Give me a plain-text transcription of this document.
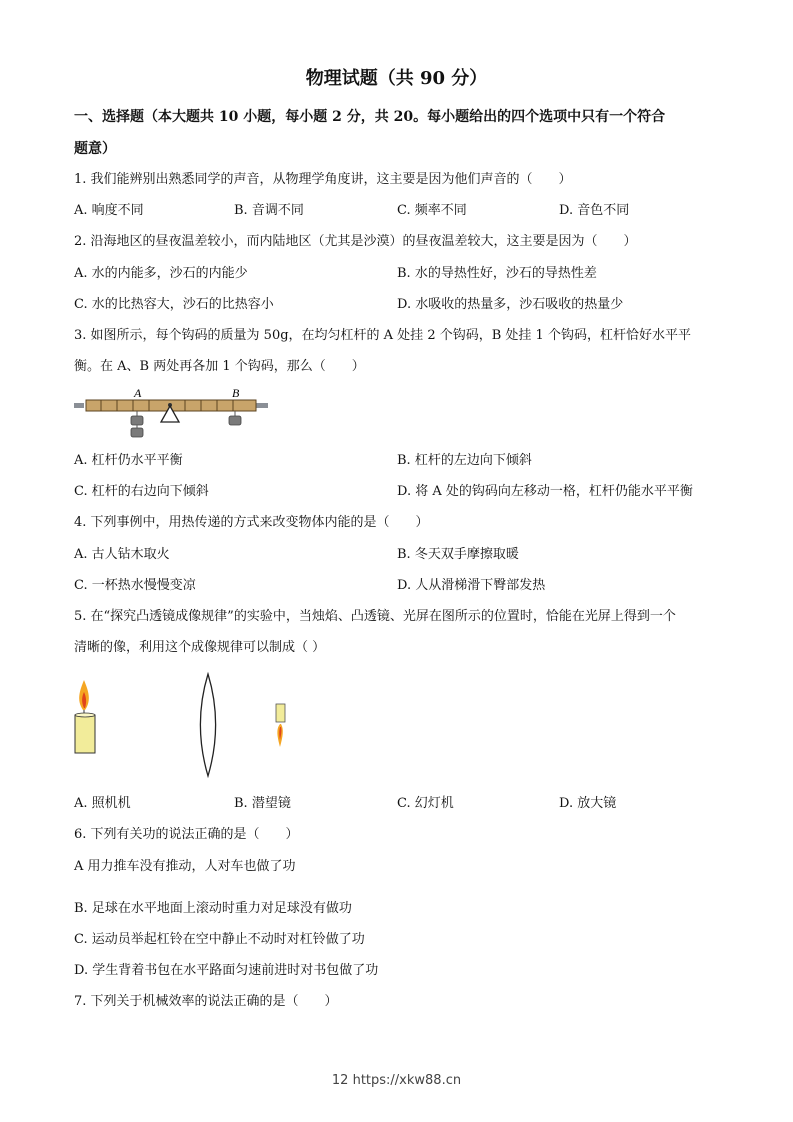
物理试题（共 90 分）
一、选择题（本大题共 10 小题，每小题 2 分，共 20。每小题给出的四个选项中只有一个符合
题意）
1. 我们能辨别出熟悉同学的声音，从物理学角度讲，这主要是因为他们声音的（　　）
A. 响度不同	B. 音调不同	C. 频率不同	D. 音色不同
2. 沿海地区的昼夜温差较小，而内陆地区（尤其是沙漠）的昼夜温差较大，这主要是因为（　　）
A. 水的内能多，沙石的内能少	B. 水的导热性好，沙石的导热性差
C. 水的比热容大，沙石的比热容小	D. 水吸收的热量多，沙石吸收的热量少
3. 如图所示，每个钩码的质量为 50g，在均匀杠杆的 A 处挂 2 个钩码，B 处挂 1 个钩码，杠杆恰好水平平
衡。在 A、B 两处再各加 1 个钩码，那么（　　）
A	B
A. 杠杆仍水平平衡	B. 杠杆的左边向下倾斜
C. 杠杆的右边向下倾斜	D. 将 A 处的钩码向左移动一格，杠杆仍能水平平衡
4. 下列事例中，用热传递的方式来改变物体内能的是（　　）
A. 古人钻木取火	B. 冬天双手摩擦取暖
C. 一杯热水慢慢变凉	D. 人从滑梯滑下臀部发热
5. 在“探究凸透镜成像规律”的实验中，当烛焰、凸透镜、光屏在图所示的位置时，恰能在光屏上得到一个
清晰的像，利用这个成像规律可以制成（ ）
A. 照机机	B. 潜望镜	C. 幻灯机	D. 放大镜
6. 下列有关功的说法正确的是（　　）
A 用力推车没有推动，人对车也做了功
B. 足球在水平地面上滚动时重力对足球没有做功
C. 运动员举起杠铃在空中静止不动时对杠铃做了功
D. 学生背着书包在水平路面匀速前进时对书包做了功
7. 下列关于机械效率的说法正确的是（　　）
12 https://xkw88.cn
